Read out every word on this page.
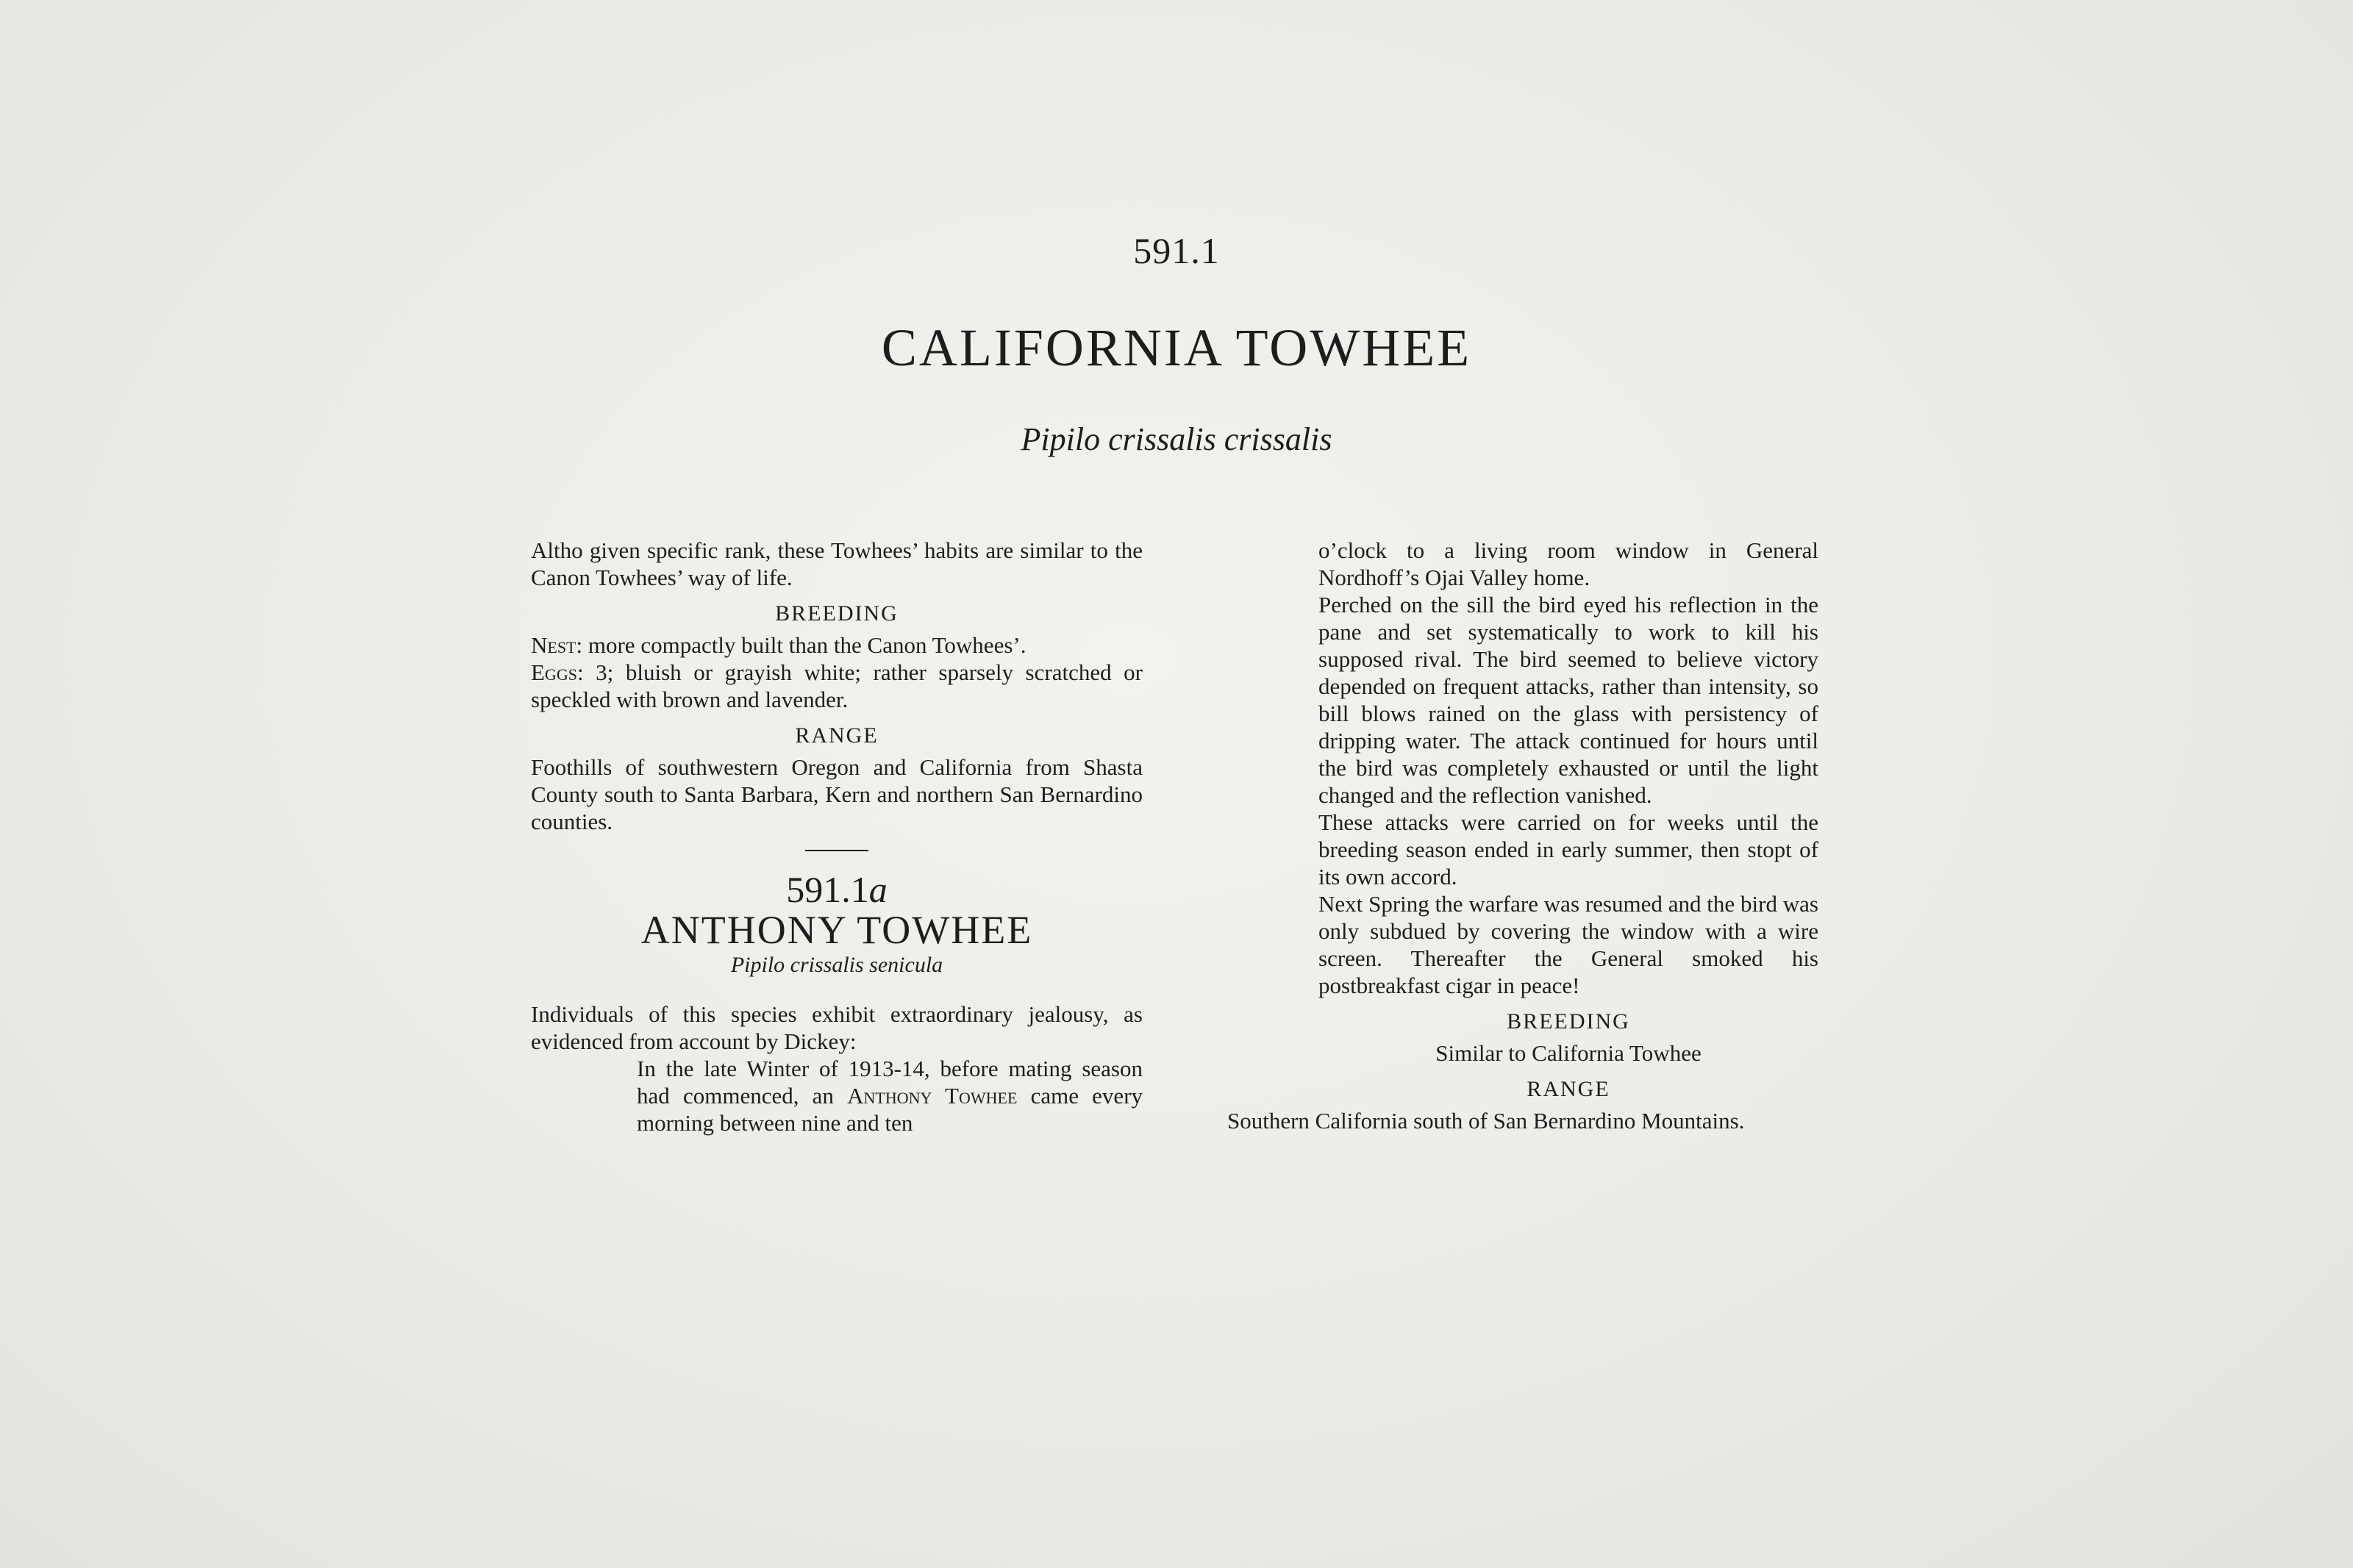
591.1
CALIFORNIA TOWHEE
Pipilo crissalis crissalis

Altho given specific rank, these Towhees’ habits are similar to the Canon Towhees’ way of life.

BREEDING

Nest: more compactly built than the Canon Towhees’.
Eggs: 3; bluish or grayish white; rather sparsely scratched or speckled with brown and lavender.

RANGE

Foothills of southwestern Oregon and California from Shasta County south to Santa Barbara, Kern and northern San Bernardino counties.

591.1a
ANTHONY TOWHEE
Pipilo crissalis senicula

Individuals of this species exhibit extraordinary jealousy, as evidenced from account by Dickey:

In the late Winter of 1913-14, before mating season had commenced, an Anthony Towhee came every morning between nine and ten

o’clock to a living room window in General Nordhoff’s Ojai Valley home.

Perched on the sill the bird eyed his reflection in the pane and set systematically to work to kill his supposed rival. The bird seemed to believe victory depended on frequent attacks, rather than intensity, so bill blows rained on the glass with persistency of dripping water. The attack continued for hours until the bird was completely exhausted or until the light changed and the reflection vanished.

These attacks were carried on for weeks until the breeding season ended in early summer, then stopt of its own accord.

Next Spring the warfare was resumed and the bird was only subdued by covering the window with a wire screen. Thereafter the General smoked his postbreakfast cigar in peace!

BREEDING

Similar to California Towhee

RANGE

Southern California south of San Bernardino Mountains.
